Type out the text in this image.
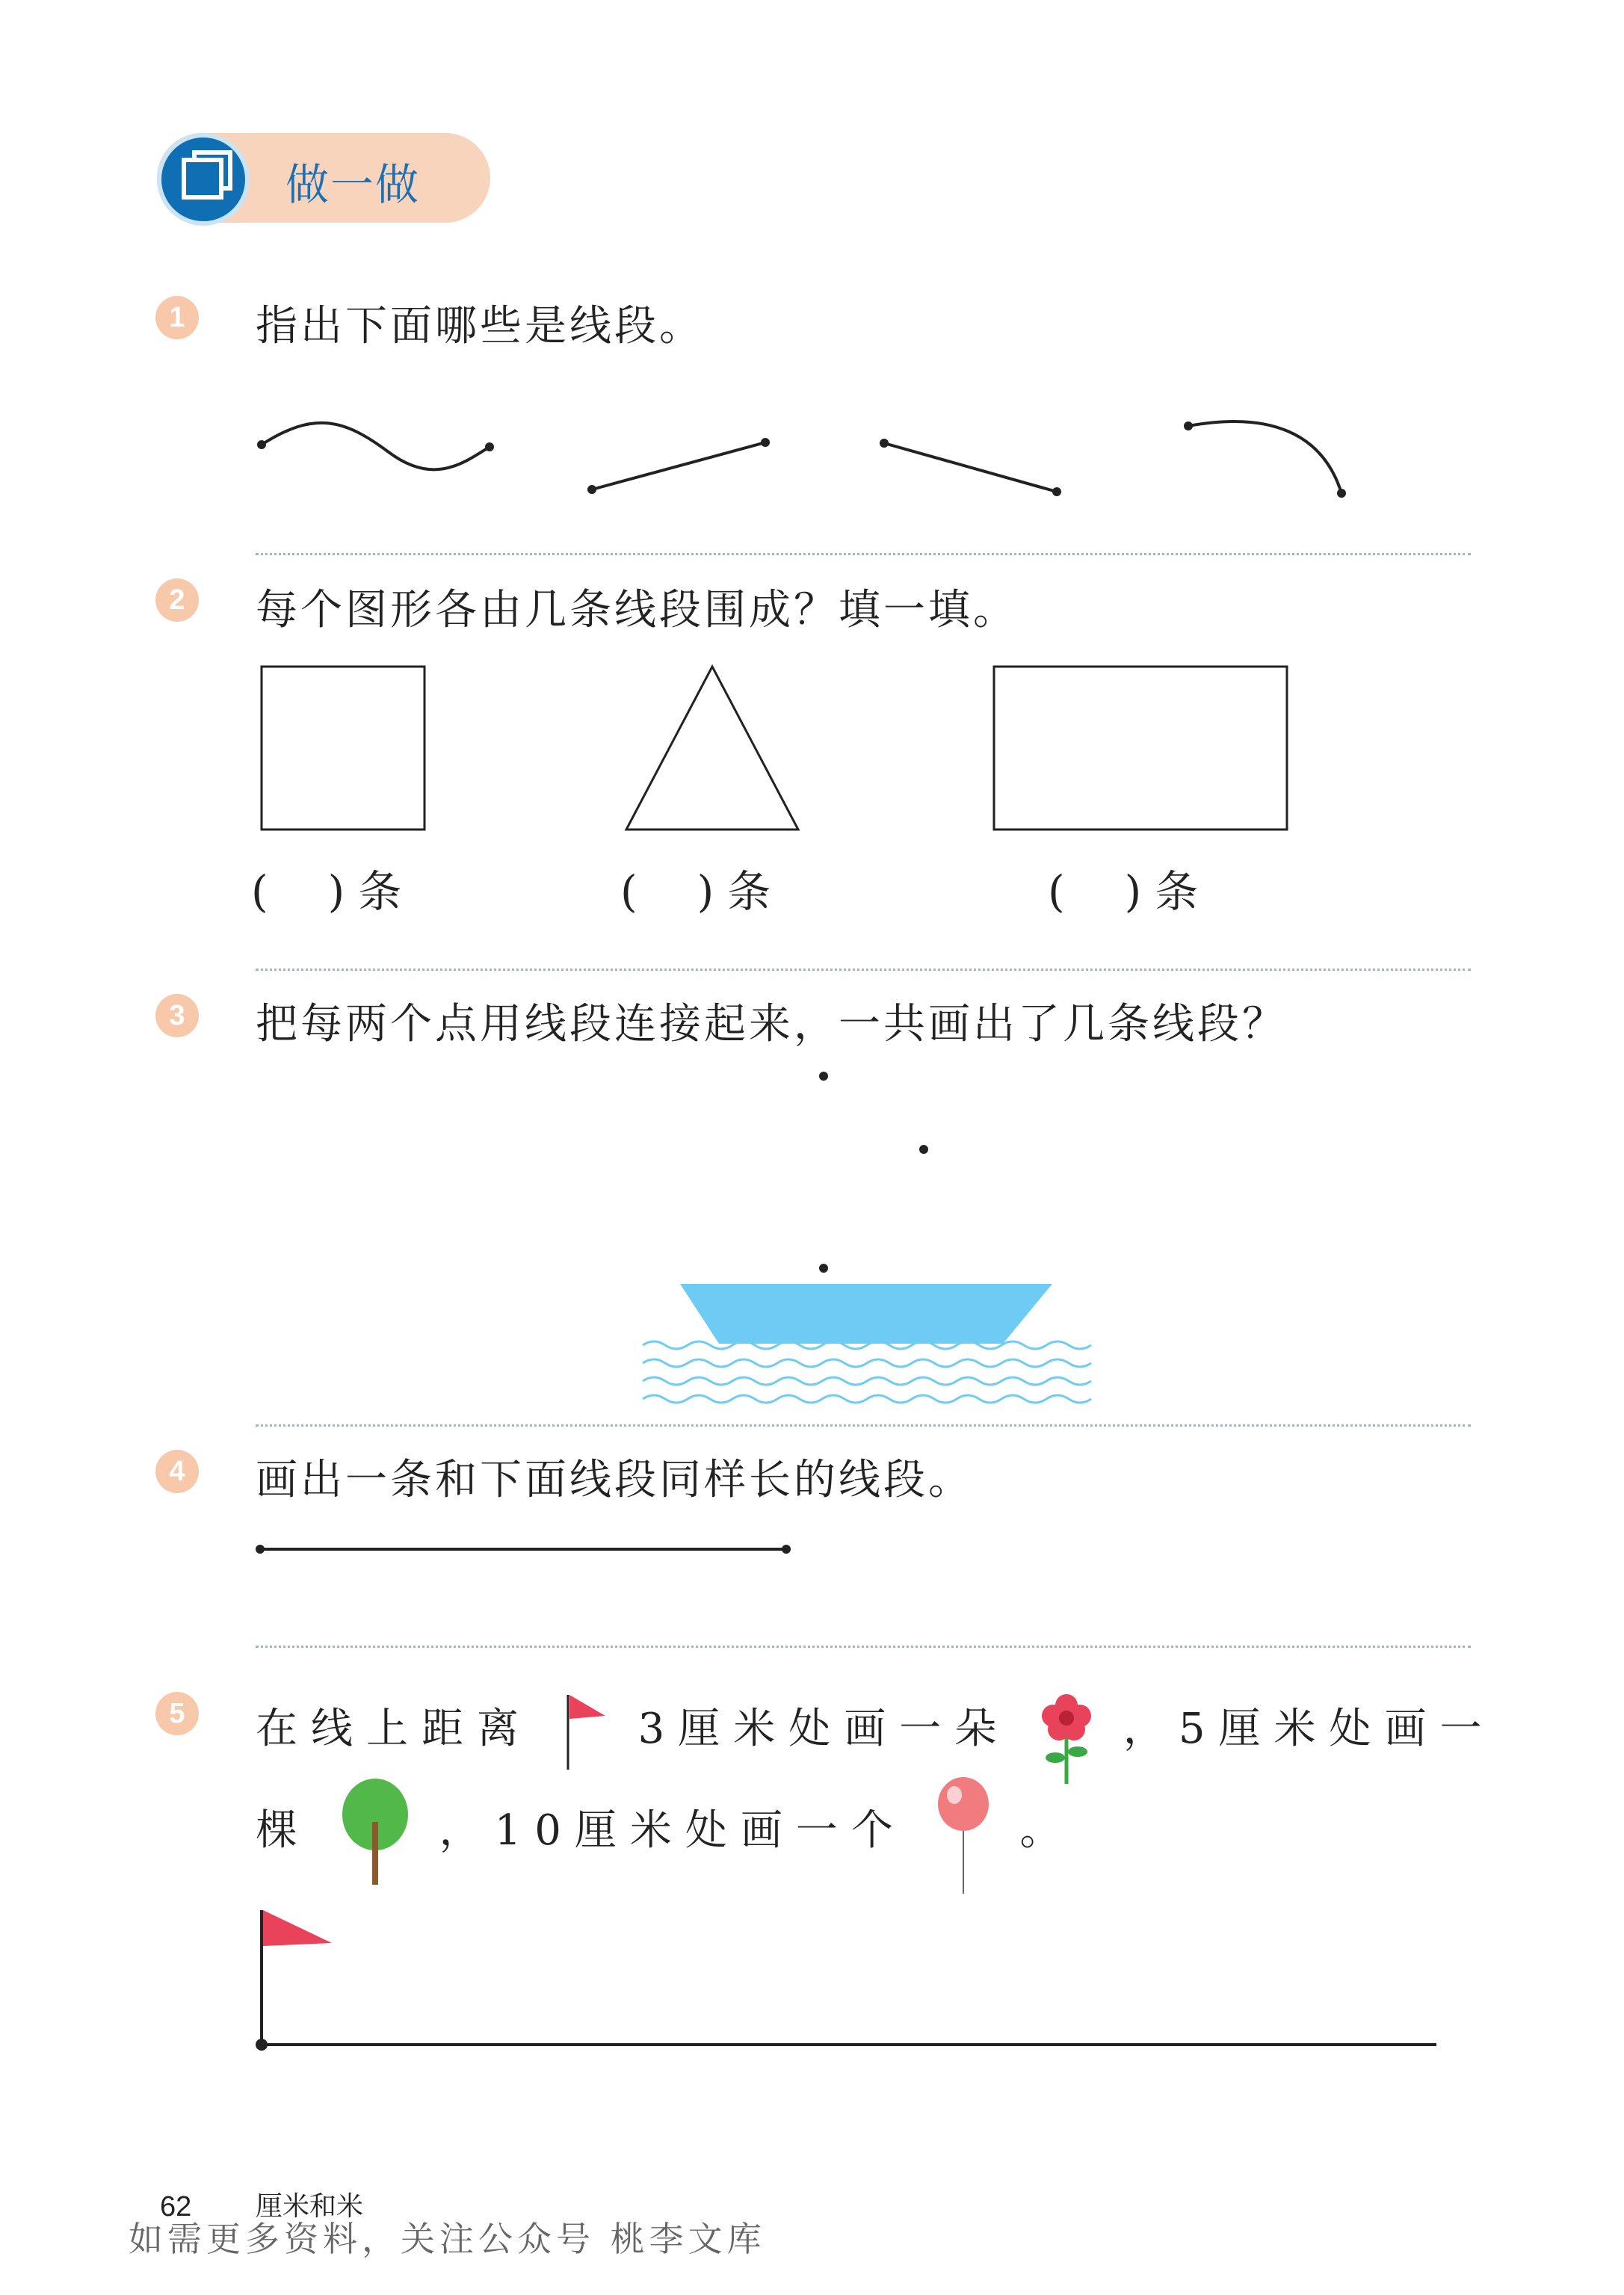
做一做
1	指出下面哪些是线段。
2	每个图形各由几条线段围成？填一填。
( ) 条	( ) 条	( ) 条
3	把每两个点用线段连接起来，一共画出了几条线段？
4	画出一条和下面线段同样长的线段。
5	在线上距离	3厘米处画一朵	，5厘米处画一
棵	，10厘米处画一个	。
62 厘米和米
如需更多资料，关注公众号 桃李文库
